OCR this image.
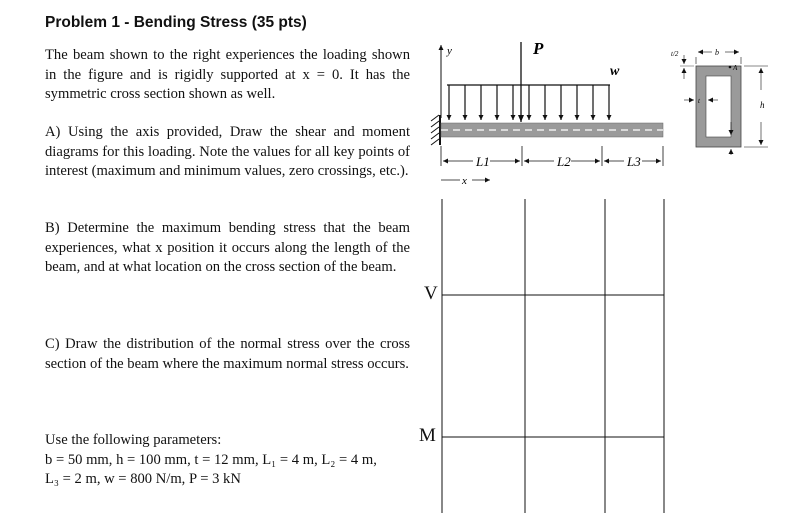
Problem 1 - Bending Stress (35 pts)

The beam shown to the right experiences the loading shown in the figure and is rigidly supported at x = 0. It has the symmetric cross section shown as well.

A) Using the axis provided, Draw the shear and moment diagrams for this loading. Note the values for all key points of interest (maximum and minimum values, zero crossings, etc.).

B) Determine the maximum bending stress that the beam experiences, what x position it occurs along the length of the beam, and at what location on the cross section of the beam.

C) Draw the distribution of the normal stress over the cross section of the beam where the maximum normal stress occurs.

Use the following parameters:

b = 50 mm, h = 100 mm, t = 12 mm, L₁ = 4 m, L₂ = 4 m,

L₃ = 2 m, w = 800 N/m, P = 3 kN

y	P
w
L1	L2	L3
x
t/2	b
A
t	h
V
M
